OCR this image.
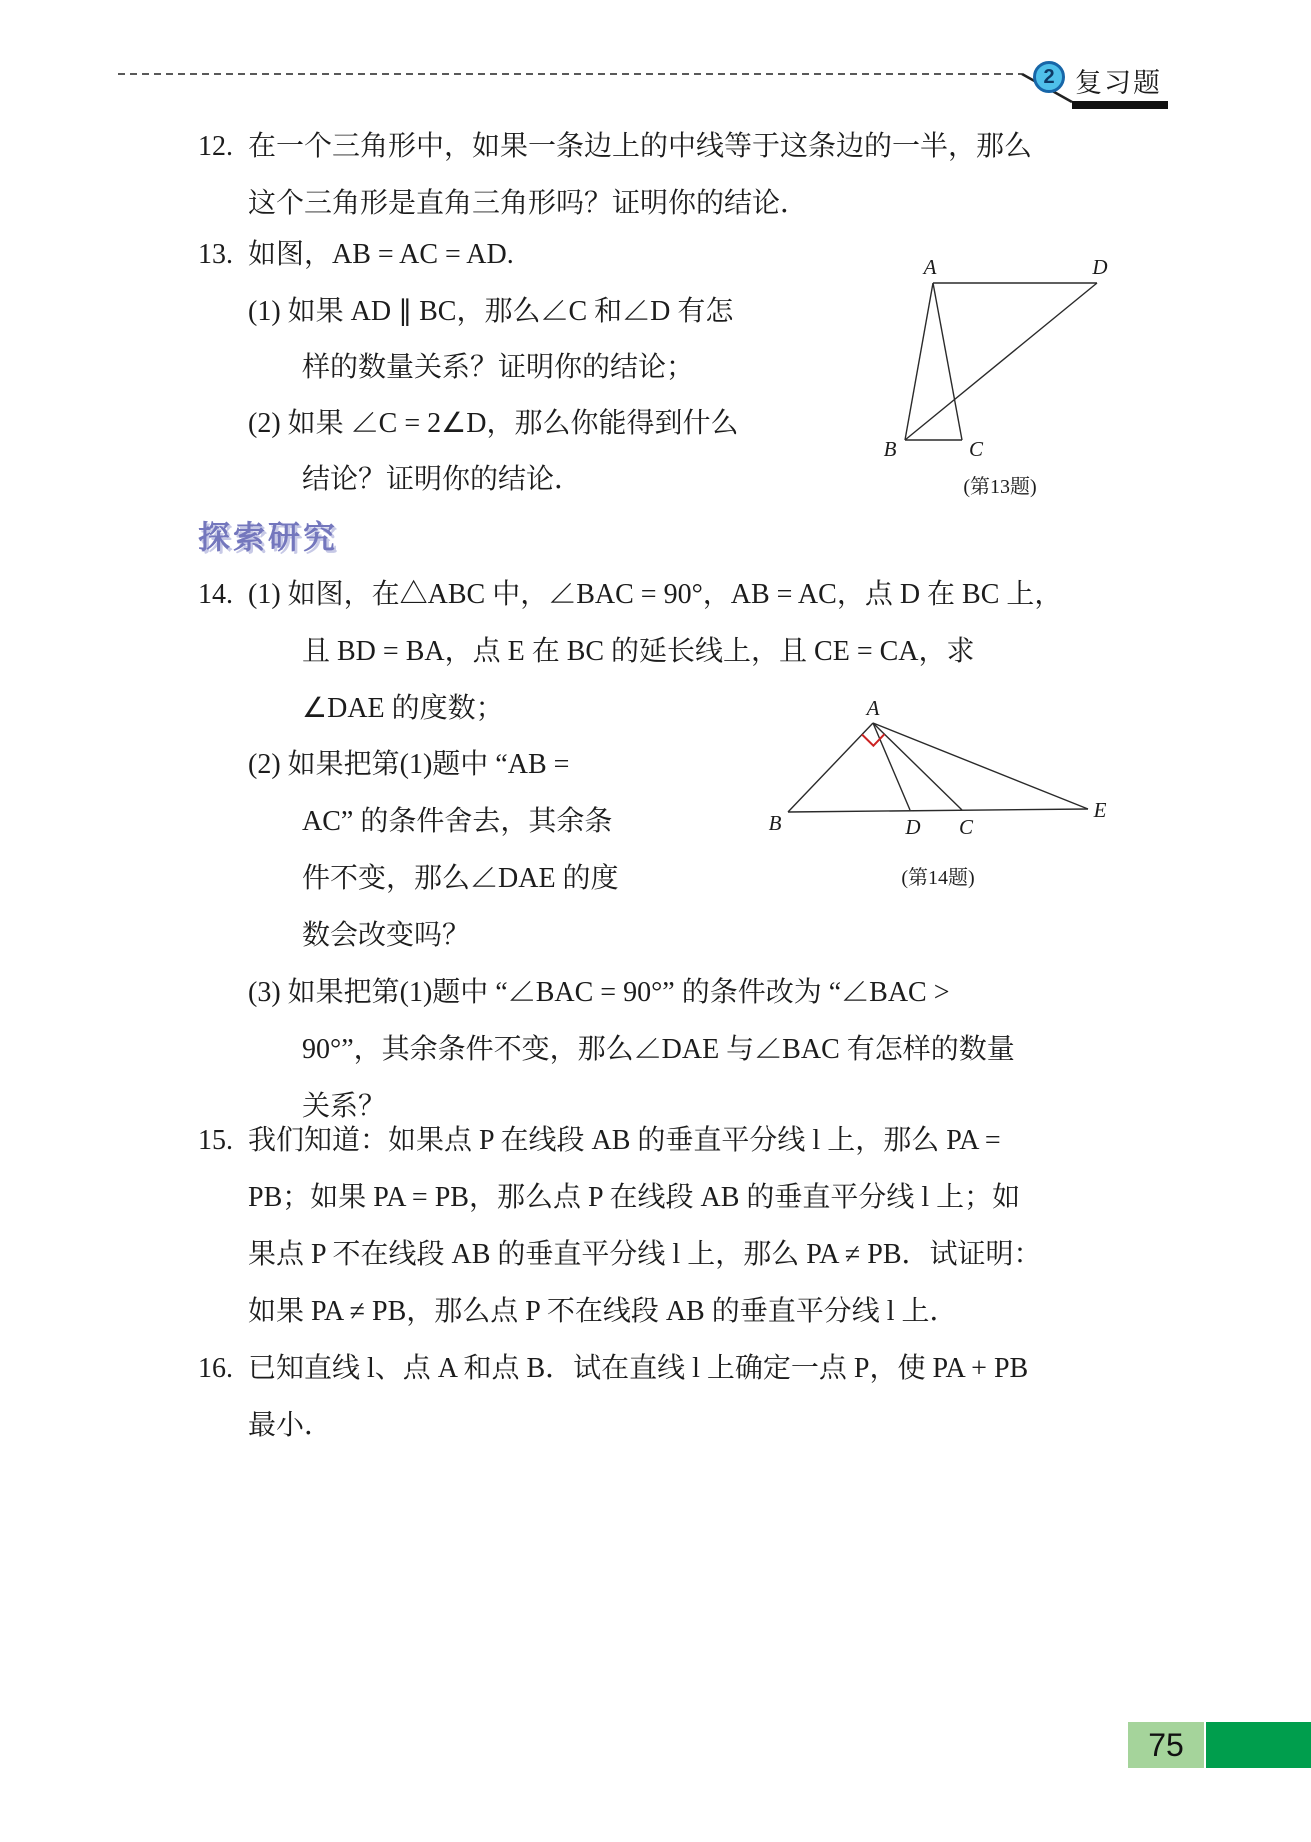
2 复习题
12. 在一个三角形中，如果一条边上的中线等于这条边的一半，那么
这个三角形是直角三角形吗？证明你的结论．
13. 如图，AB = AC = AD.
(1) 如果 AD ∥ BC，那么∠C 和∠D 有怎
样的数量关系？证明你的结论；
(2) 如果 ∠C = 2∠D，那么你能得到什么
结论？证明你的结论．
A	D
B	C
(第13题)
探索研究
14. (1) 如图，在△ABC 中，∠BAC = 90°，AB = AC，点 D 在 BC 上，
且 BD = BA，点 E 在 BC 的延长线上，且 CE = CA，求
∠DAE 的度数；
(2) 如果把第(1)题中 “AB =
AC” 的条件舍去，其余条
件不变，那么∠DAE 的度
数会改变吗？
(3) 如果把第(1)题中 “∠BAC = 90°” 的条件改为 “∠BAC >
90°”，其余条件不变，那么∠DAE 与∠BAC 有怎样的数量
关系？
A
B	D C
E
(第14题)
15. 我们知道：如果点 P 在线段 AB 的垂直平分线 l 上，那么 PA =
PB；如果 PA = PB，那么点 P 在线段 AB 的垂直平分线 l 上；如
果点 P 不在线段 AB 的垂直平分线 l 上，那么 PA ≠ PB．试证明：
如果 PA ≠ PB，那么点 P 不在线段 AB 的垂直平分线 l 上．
16. 已知直线 l、点 A 和点 B．试在直线 l 上确定一点 P，使 PA + PB
最小．
75
